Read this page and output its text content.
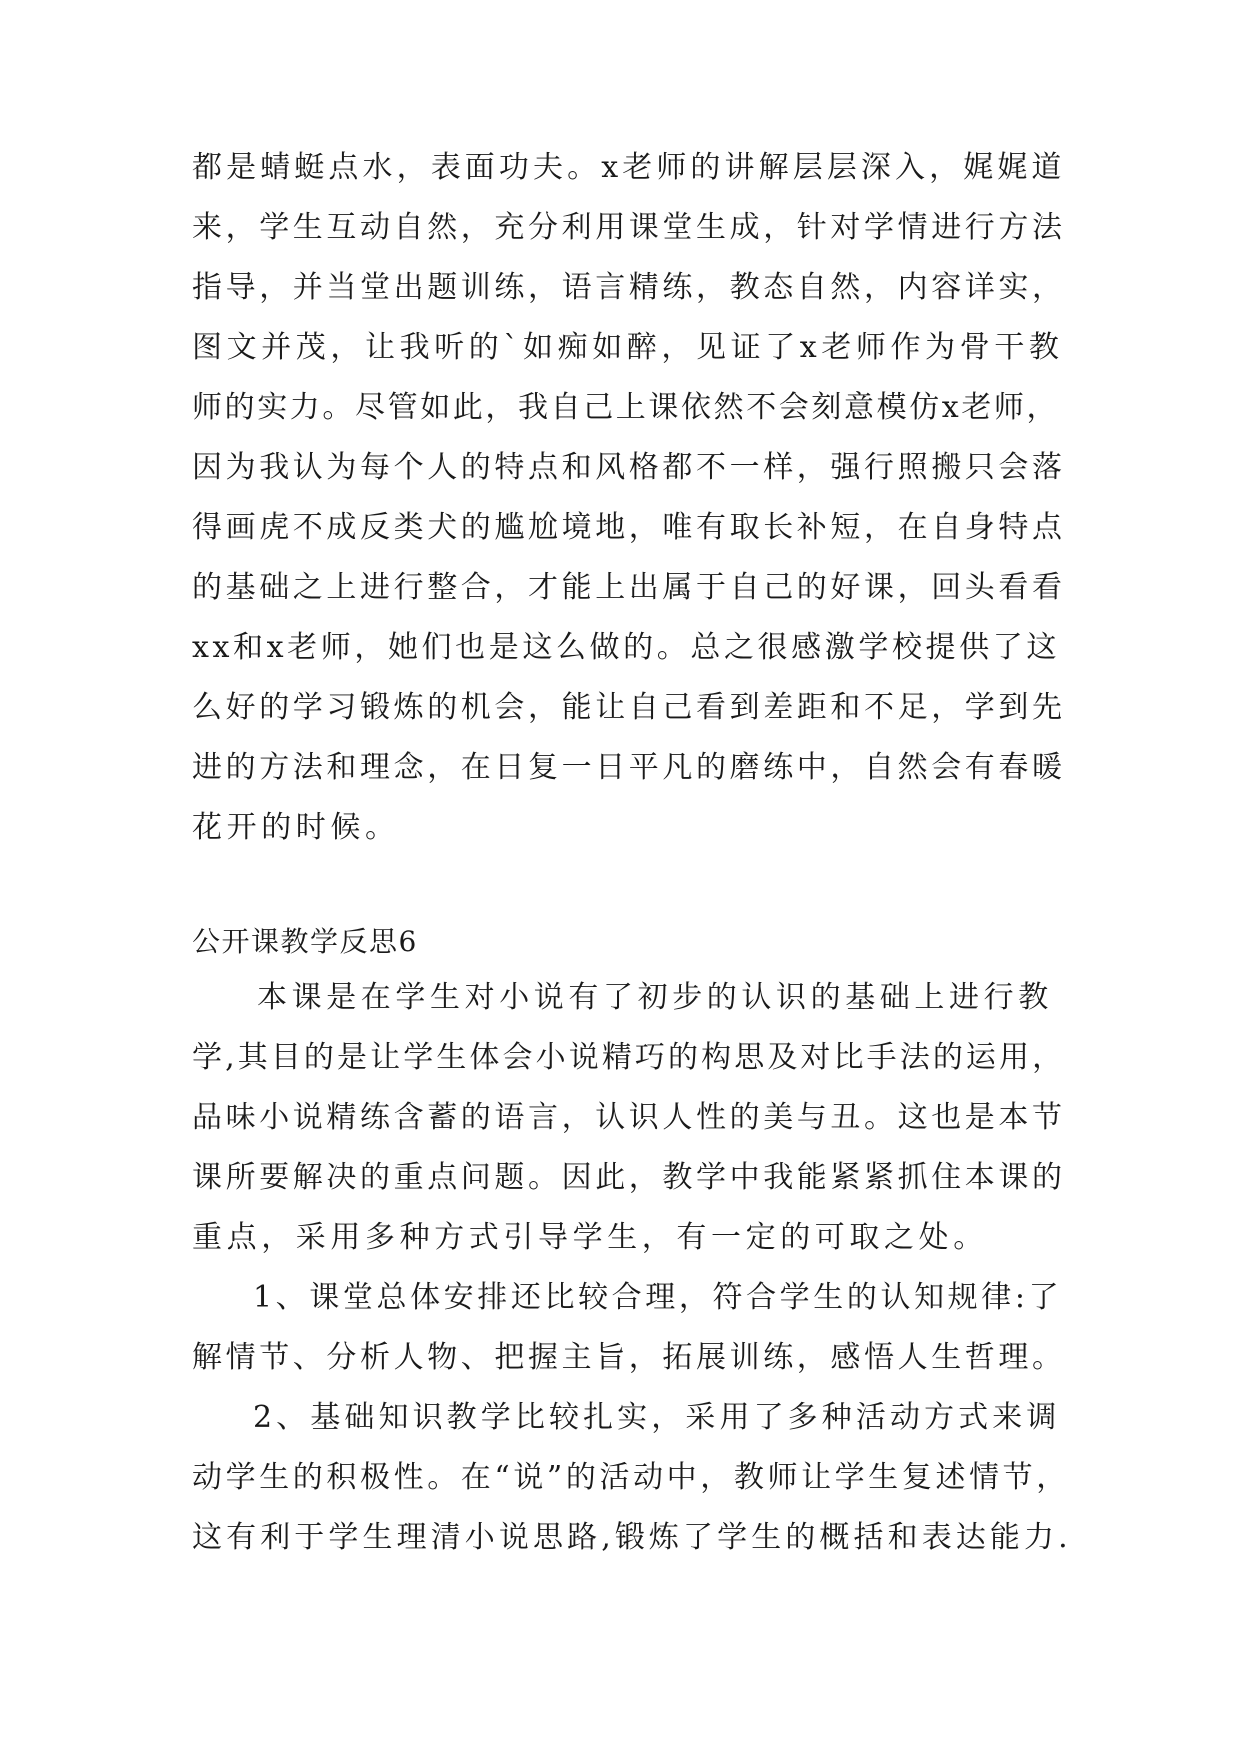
都是蜻蜓点水，表面功夫。x老师的讲解层层深入，娓娓道
来，学生互动自然，充分利用课堂生成，针对学情进行方法
指导，并当堂出题训练，语言精练，教态自然，内容详实，
图文并茂，让我听的`如痴如醉，见证了x老师作为骨干教
师的实力。尽管如此，我自己上课依然不会刻意模仿x老师，
因为我认为每个人的特点和风格都不一样，强行照搬只会落
得画虎不成反类犬的尴尬境地，唯有取长补短，在自身特点
的基础之上进行整合，才能上出属于自己的好课，回头看看
xx和x老师，她们也是这么做的。总之很感激学校提供了这
么好的学习锻炼的机会，能让自己看到差距和不足，学到先
进的方法和理念，在日复一日平凡的磨练中，自然会有春暖
花开的时候。
公开课教学反思6
本课是在学生对小说有了初步的认识的基础上进行教
学,其目的是让学生体会小说精巧的构思及对比手法的运用，
品味小说精练含蓄的语言，认识人性的美与丑。这也是本节
课所要解决的重点问题。因此，教学中我能紧紧抓住本课的
重点，采用多种方式引导学生，有一定的可取之处。
1、课堂总体安排还比较合理，符合学生的认知规律:了
解情节、分析人物、把握主旨，拓展训练，感悟人生哲理。
2、基础知识教学比较扎实，采用了多种活动方式来调
动学生的积极性。在“说”的活动中，教师让学生复述情节，
这有利于学生理清小说思路,锻炼了学生的概括和表达能力.
